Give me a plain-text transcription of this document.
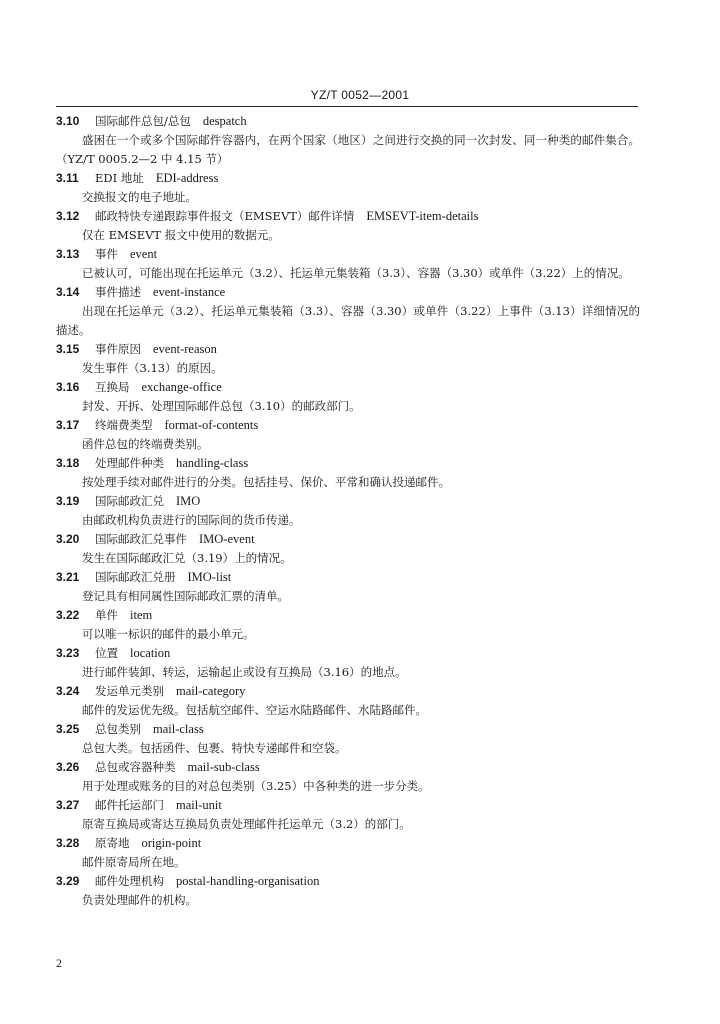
YZ/T 0052—2001
3.10 国际邮件总包/总包 despatch

盛困在一个或多个国际邮件容器内，在两个国家（地区）之间进行交换的同一次封发、同一种类的邮件集合。（YZ/T 0005.2—2 中 4.15 节）

3.11 EDI 地址 EDI-address

交换报文的电子地址。

3.12 邮政特快专递跟踪事件报文（EMSEVT）邮件详情 EMSEVT-item-details

仅在 EMSEVT 报文中使用的数据元。

3.13 事件 event

已被认可，可能出现在托运单元（3.2）、托运单元集装箱（3.3）、容器（3.30）或单件（3.22）上的情况。

3.14 事件描述 event-instance

出现在托运单元（3.2）、托运单元集装箱（3.3）、容器（3.30）或单件（3.22）上事件（3.13）详细情况的描述。

3.15 事件原因 event-reason

发生事件（3.13）的原因。

3.16 互换局 exchange-office

封发、开拆、处理国际邮件总包（3.10）的邮政部门。

3.17 终端费类型 format-of-contents

函件总包的终端费类别。

3.18 处理邮件种类 handling-class

按处理手续对邮件进行的分类。包括挂号、保价、平常和确认投递邮件。

3.19 国际邮政汇兑 IMO

由邮政机构负责进行的国际间的货币传递。

3.20 国际邮政汇兑事件 IMO-event

发生在国际邮政汇兑（3.19）上的情况。

3.21 国际邮政汇兑册 IMO-list

登记具有相同属性国际邮政汇票的清单。

3.22 单件 item

可以唯一标识的邮件的最小单元。

3.23 位置 location

进行邮件装卸、转运，运输起止或设有互换局（3.16）的地点。

3.24 发运单元类别 mail-category

邮件的发运优先级。包括航空邮件、空运水陆路邮件、水陆路邮件。

3.25 总包类别 mail-class

总包大类。包括函件、包裹、特快专递邮件和空袋。

3.26 总包或容器种类 mail-sub-class

用于处理或账务的目的对总包类别（3.25）中各种类的进一步分类。

3.27 邮件托运部门 mail-unit

原寄互换局或寄达互换局负责处理邮件托运单元（3.2）的部门。

3.28 原寄地 origin-point

邮件原寄局所在地。

3.29 邮件处理机构 postal-handling-organisation

负责处理邮件的机构。

2
